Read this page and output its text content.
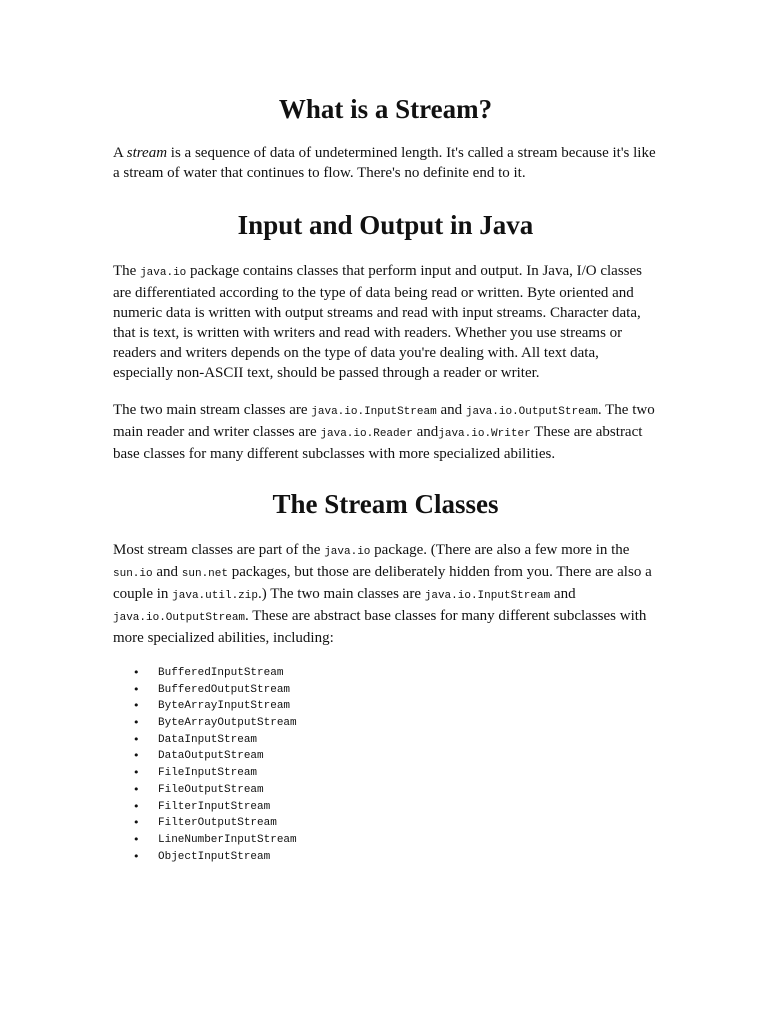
What is a Stream?

A stream is a sequence of data of undetermined length. It's called a stream because it's like a stream of water that continues to flow. There's no definite end to it.

Input and Output in Java

The java.io package contains classes that perform input and output. In Java, I/O classes are differentiated according to the type of data being read or written. Byte oriented and numeric data is written with output streams and read with input streams. Character data, that is text, is written with writers and read with readers. Whether you use streams or readers and writers depends on the type of data you're dealing with. All text data, especially non-ASCII text, should be passed through a reader or writer.

The two main stream classes are java.io.InputStream and java.io.OutputStream. The two main reader and writer classes are java.io.Reader andjava.io.Writer These are abstract base classes for many different subclasses with more specialized abilities.

The Stream Classes

Most stream classes are part of the java.io package. (There are also a few more in the sun.io and sun.net packages, but those are deliberately hidden from you. There are also a couple in java.util.zip.) The two main classes are java.io.InputStream and java.io.OutputStream. These are abstract base classes for many different subclasses with more specialized abilities, including:

• BufferedInputStream
• BufferedOutputStream
• ByteArrayInputStream
• ByteArrayOutputStream
• DataInputStream
• DataOutputStream
• FileInputStream
• FileOutputStream
• FilterInputStream
• FilterOutputStream
• LineNumberInputStream
• ObjectInputStream
